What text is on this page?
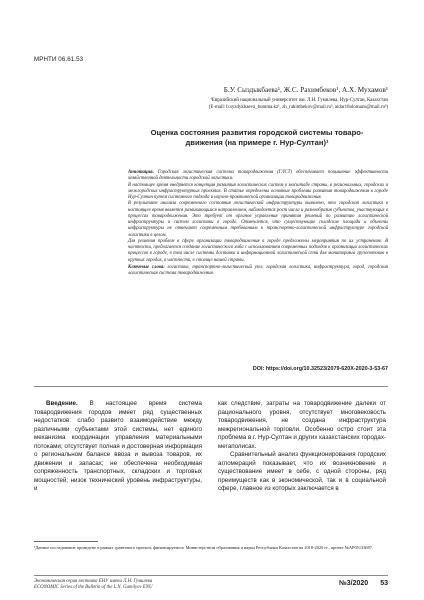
МРНТИ 06.61.53
Б.У. Сыздыкбаева¹, Ж.С. Рахимбеков¹, А.Х. Мухамов¹
¹Евразийский национальный университет им. Л.Н. Гумилева, Нур-Султан, Казахстан
(E-mail: b.syzdykbaeva_bumma.kz¹, zh_rahimbekov@mail.ru², aidar18olomazu@mail.ru³)
Оценка состояния развития городской системы товаро-
движения (на примере г. Нур-Султан)¹

Аннотация. Городская логистическая система товародвижения (ГЛСТ) обеспечивает повышение эффективности хозяйственной деятельности городской логистики.

В настоящее время внедряется концепция развития логистических систем в масштабе страны, в региональных, городских и межгородских инфраструктурных проектах. В статье определены основные проблемы развития товародвижения в городе Нур-Султан путем системного подхода и научно-практической организации товародвижения.

В результате анализа современного состояния логистической инфраструктуры выявлено, что городская логистика в настоящее время является развивающимся направлением, наблюдается рост числа и разнообразия субъектов, участвующих в процессах товародвижения. Это требует от органов управления принятия решений по развитию логистической инфраструктуры и систем логистики в городе. Отмечается, что существующие складские площади и объекты инфраструктуры не отвечают современным требованиям к транспортно-логистической инфраструктуре городской логистики в целом.

Для решения проблем в сфере организации товародвижения в городе предложены мероприятия по их устранению. В частности, предлагается создание логистического хаба с использованием современных подходов к организации логистических процессов в городе, в том числе системы доставки и информационной логистической сети для мониторинга грузопотоков в крупных городах, в частности, в столице нашей страны.

Ключевые слова: логистика, транспортно-логистический узел, городская логистика, инфраструктура, город, городская логистическая система товародвижения.

DOI: https://doi.org/10.32523/2079-620X-2020-3-53-67

Введение. В настоящее время система товародвижения городов имеет ряд существенных недостатков: слабо развито взаимодействие между различными субъектами этой системы, нет единого механизма координации управления материальными потоками; отсутствует полная и достоверная информация о региональном балансе ввоза и вывоза товаров, их движении и запасах; не обеспечена необходимая сопряженность транспортных, складских и торговых мощностей; низок технический уровень инфраструктуры, и

как следствие, затраты на товародвижение далеки от рационального уровня, отсутствует многовековость товародвижения, не создана инфраструктура межрегиональной торговли. Особенно остро стоит эта проблема в г. Нур-Султан и других казахстанских городах-мегаполисах.

Сравнительный анализ функционирования городских агломераций показывает, что их возникновение и существование имеет в себе, с одной стороны, ряд преимуществ как в экономической, так и в социальной сфере, главное из которых заключается в

¹Данное исследование проведено в рамках грантового проекта, финансируемого Министерством образования и науки Республики Казахстан на 2018-2020 гг., проект №АР05133697.
Экономическая серия вестника ЕНУ имени Л.Н. Гумилева
ECONOMIC Series of the Bulletin of the L.N. Gumilyov ENU
№3/2020 53
